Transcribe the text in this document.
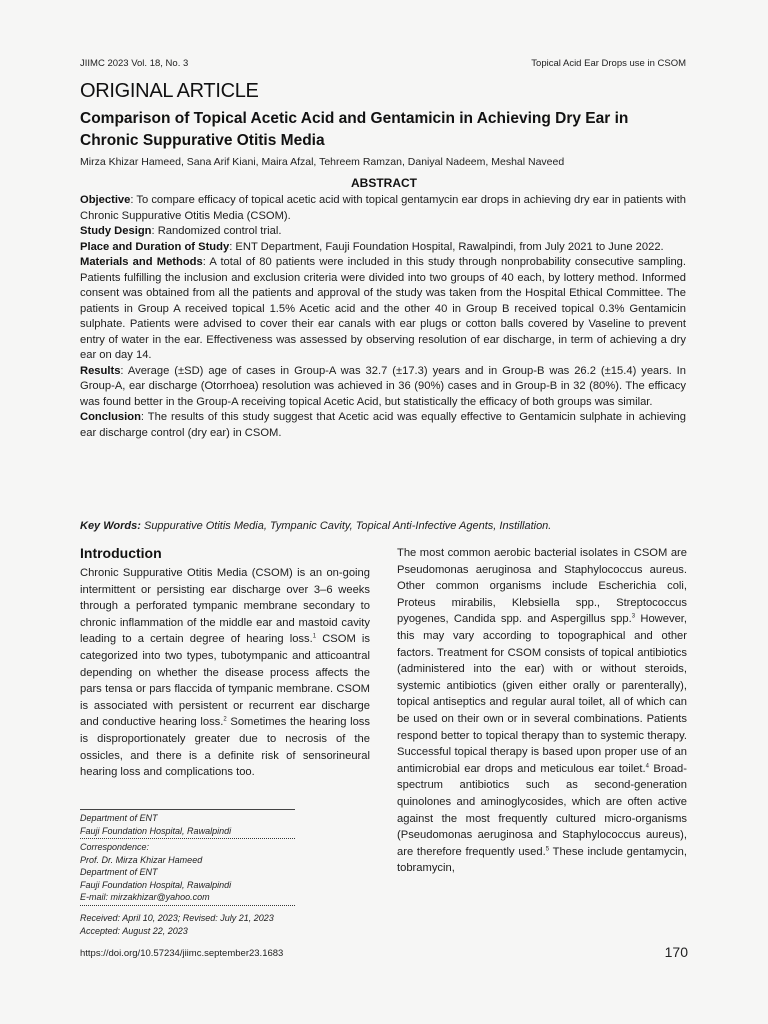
JIIMC 2023 Vol. 18, No. 3	Topical Acid Ear Drops use in CSOM
ORIGINAL ARTICLE
Comparison of Topical Acetic Acid and Gentamicin in Achieving Dry Ear in Chronic Suppurative Otitis Media
Mirza Khizar Hameed, Sana Arif Kiani, Maira Afzal, Tehreem Ramzan, Daniyal Nadeem, Meshal Naveed
ABSTRACT

Objective: To compare efficacy of topical acetic acid with topical gentamycin ear drops in achieving dry ear in patients with Chronic Suppurative Otitis Media (CSOM).

Study Design: Randomized control trial.

Place and Duration of Study: ENT Department, Fauji Foundation Hospital, Rawalpindi, from July 2021 to June 2022.

Materials and Methods: A total of 80 patients were included in this study through nonprobability consecutive sampling. Patients fulfilling the inclusion and exclusion criteria were divided into two groups of 40 each, by lottery method. Informed consent was obtained from all the patients and approval of the study was taken from the Hospital Ethical Committee. The patients in Group A received topical 1.5% Acetic acid and the other 40 in Group B received topical 0.3% Gentamicin sulphate. Patients were advised to cover their ear canals with ear plugs or cotton balls covered by Vaseline to prevent entry of water in the ear. Effectiveness was assessed by observing resolution of ear discharge, in term of achieving a dry ear on day 14.

Results: Average (±SD) age of cases in Group-A was 32.7 (±17.3) years and in Group-B was 26.2 (±15.4) years. In Group-A, ear discharge (Otorrhoea) resolution was achieved in 36 (90%) cases and in Group-B in 32 (80%). The efficacy was found better in the Group-A receiving topical Acetic Acid, but statistically the efficacy of both groups was similar.

Conclusion: The results of this study suggest that Acetic acid was equally effective to Gentamicin sulphate in achieving ear discharge control (dry ear) in CSOM.

Key Words: Suppurative Otitis Media, Tympanic Cavity, Topical Anti-Infective Agents, Instillation.
Introduction

Chronic Suppurative Otitis Media (CSOM) is an on-going intermittent or persisting ear discharge over 3–6 weeks through a perforated tympanic membrane secondary to chronic inflammation of the middle ear and mastoid cavity leading to a certain degree of hearing loss.$^1$ CSOM is categorized into two types, tubotympanic and atticoantral depending on whether the disease process affects the pars tensa or pars flaccida of tympanic membrane. CSOM is associated with persistent or recurrent ear discharge and conductive hearing loss.$^2$ Sometimes the hearing loss is disproportionately greater due to necrosis of the ossicles, and there is a definite risk of sensorineural hearing loss and complications too.

Department of ENT
Fauji Foundation Hospital, Rawalpindi
Correspondence:
Prof. Dr. Mirza Khizar Hameed
Department of ENT
Fauji Foundation Hospital, Rawalpindi
E-mail: mirzakhizar@yahoo.com
Received: April 10, 2023; Revised: July 21, 2023
Accepted: August 22, 2023

The most common aerobic bacterial isolates in CSOM are Pseudomonas aeruginosa and Staphylococcus aureus. Other common organisms include Escherichia coli, Proteus mirabilis, Klebsiella spp., Streptococcus pyogenes, Candida spp. and Aspergillus spp.$^3$ However, this may vary according to topographical and other factors. Treatment for CSOM consists of topical antibiotics (administered into the ear) with or without steroids, systemic antibiotics (given either orally or parenterally), topical antiseptics and regular aural toilet, all of which can be used on their own or in several combinations. Patients respond better to topical therapy than to systemic therapy. Successful topical therapy is based upon proper use of an antimicrobial ear drops and meticulous ear toilet.$^4$ Broad-spectrum antibiotics such as second-generation quinolones and aminoglycosides, which are often active against the most frequently cultured micro-organisms (Pseudomonas aeruginosa and Staphylococcus aureus), are therefore frequently used.$^5$ These include gentamycin, tobramycin,

https://doi.org/10.57234/jiimc.september23.1683	170
